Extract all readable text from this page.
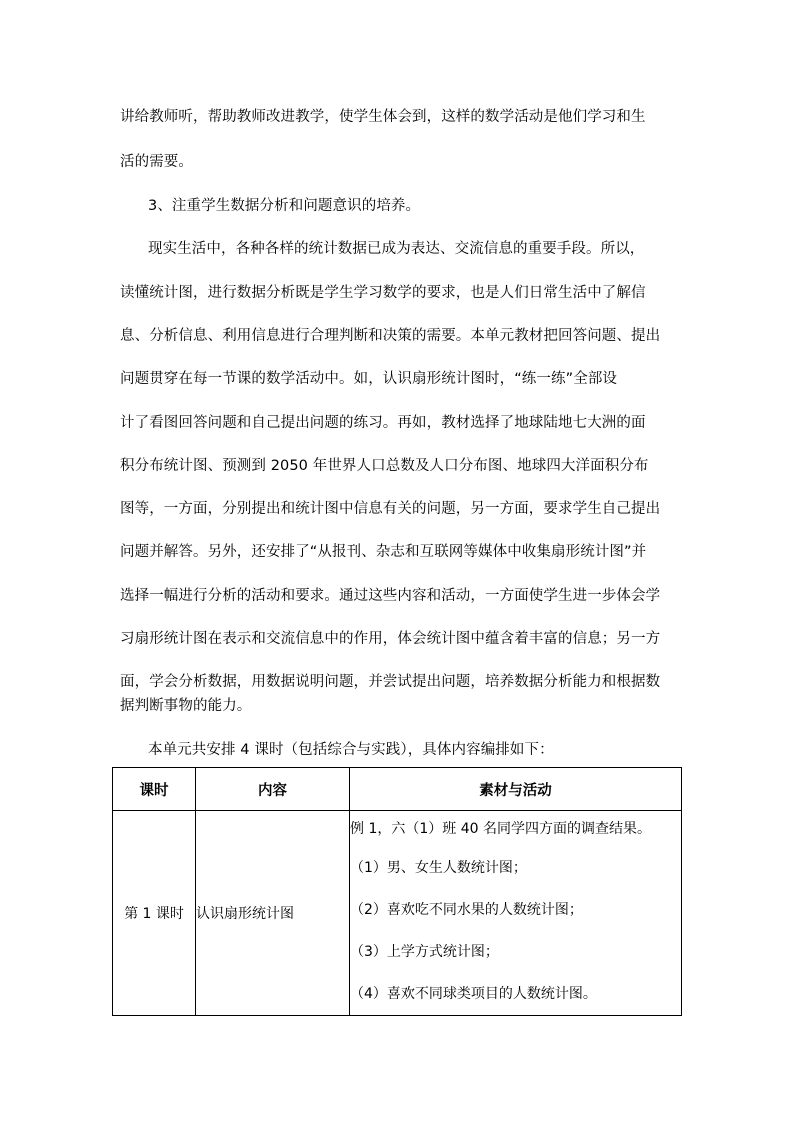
讲给教师听，帮助教师改进教学，使学生体会到，这样的数学活动是他们学习和生
活的需要。
3、注重学生数据分析和问题意识的培养。
现实生活中，各种各样的统计数据已成为表达、交流信息的重要手段。所以，
读懂统计图，进行数据分析既是学生学习数学的要求，也是人们日常生活中了解信
息、分析信息、利用信息进行合理判断和决策的需要。本单元教材把回答问题、提出
问题贯穿在每一节课的数学活动中。如，认识扇形统计图时，“练一练”全部设
计了看图回答问题和自己提出问题的练习。再如，教材选择了地球陆地七大洲的面
积分布统计图、预测到 2050 年世界人口总数及人口分布图、地球四大洋面积分布
图等，一方面，分别提出和统计图中信息有关的问题，另一方面，要求学生自己提出
问题并解答。另外，还安排了“从报刊、杂志和互联网等媒体中收集扇形统计图”并
选择一幅进行分析的活动和要求。通过这些内容和活动，一方面使学生进一步体会学
习扇形统计图在表示和交流信息中的作用，体会统计图中蕴含着丰富的信息；另一方
面，学会分析数据，用数据说明问题，并尝试提出问题，培养数据分析能力和根据数
据判断事物的能力。
本单元共安排 4 课时（包括综合与实践），具体内容编排如下：
课时	内容	素材与活动
第 1 课时	认识扇形统计图	例 1，六（1）班 40 名同学四方面的调查结果。
（1）男、女生人数统计图；
（2）喜欢吃不同水果的人数统计图；
（3）上学方式统计图；
（4）喜欢不同球类项目的人数统计图。
